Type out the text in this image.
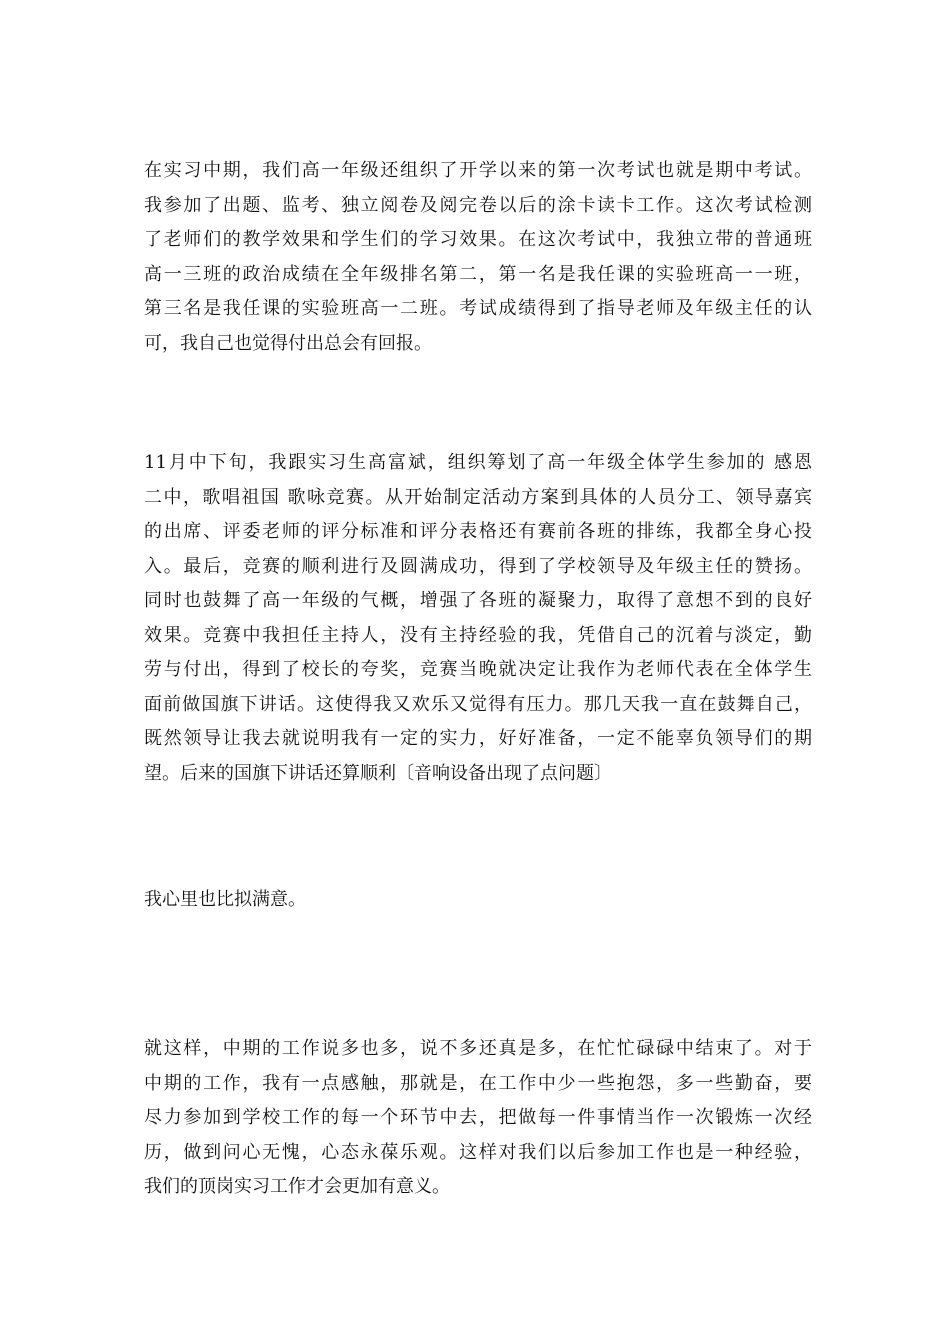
在实习中期，我们高一年级还组织了开学以来的第一次考试也就是期中考试。
我参加了出题、监考、独立阅卷及阅完卷以后的涂卡读卡工作。这次考试检测
了老师们的教学效果和学生们的学习效果。在这次考试中，我独立带的普通班
高一三班的政治成绩在全年级排名第二，第一名是我任课的实验班高一一班，
第三名是我任课的实验班高一二班。考试成绩得到了指导老师及年级主任的认
可，我自己也觉得付出总会有回报。
11月中下旬，我跟实习生高富斌，组织筹划了高一年级全体学生参加的 感恩
二中，歌唱祖国 歌咏竞赛。从开始制定活动方案到具体的人员分工、领导嘉宾
的出席、评委老师的评分标准和评分表格还有赛前各班的排练，我都全身心投
入。最后，竞赛的顺利进行及圆满成功，得到了学校领导及年级主任的赞扬。
同时也鼓舞了高一年级的气概，增强了各班的凝聚力，取得了意想不到的良好
效果。竞赛中我担任主持人，没有主持经验的我，凭借自己的沉着与淡定，勤
劳与付出，得到了校长的夸奖，竞赛当晚就决定让我作为老师代表在全体学生
面前做国旗下讲话。这使得我又欢乐又觉得有压力。那几天我一直在鼓舞自己，
既然领导让我去就说明我有一定的实力，好好准备，一定不能辜负领导们的期
望。后来的国旗下讲话还算顺利〔音响设备出现了点问题〕
我心里也比拟满意。
就这样，中期的工作说多也多，说不多还真是多，在忙忙碌碌中结束了。对于
中期的工作，我有一点感触，那就是，在工作中少一些抱怨，多一些勤奋，要
尽力参加到学校工作的每一个环节中去，把做每一件事情当作一次锻炼一次经
历，做到问心无愧，心态永葆乐观。这样对我们以后参加工作也是一种经验，
我们的顶岗实习工作才会更加有意义。
